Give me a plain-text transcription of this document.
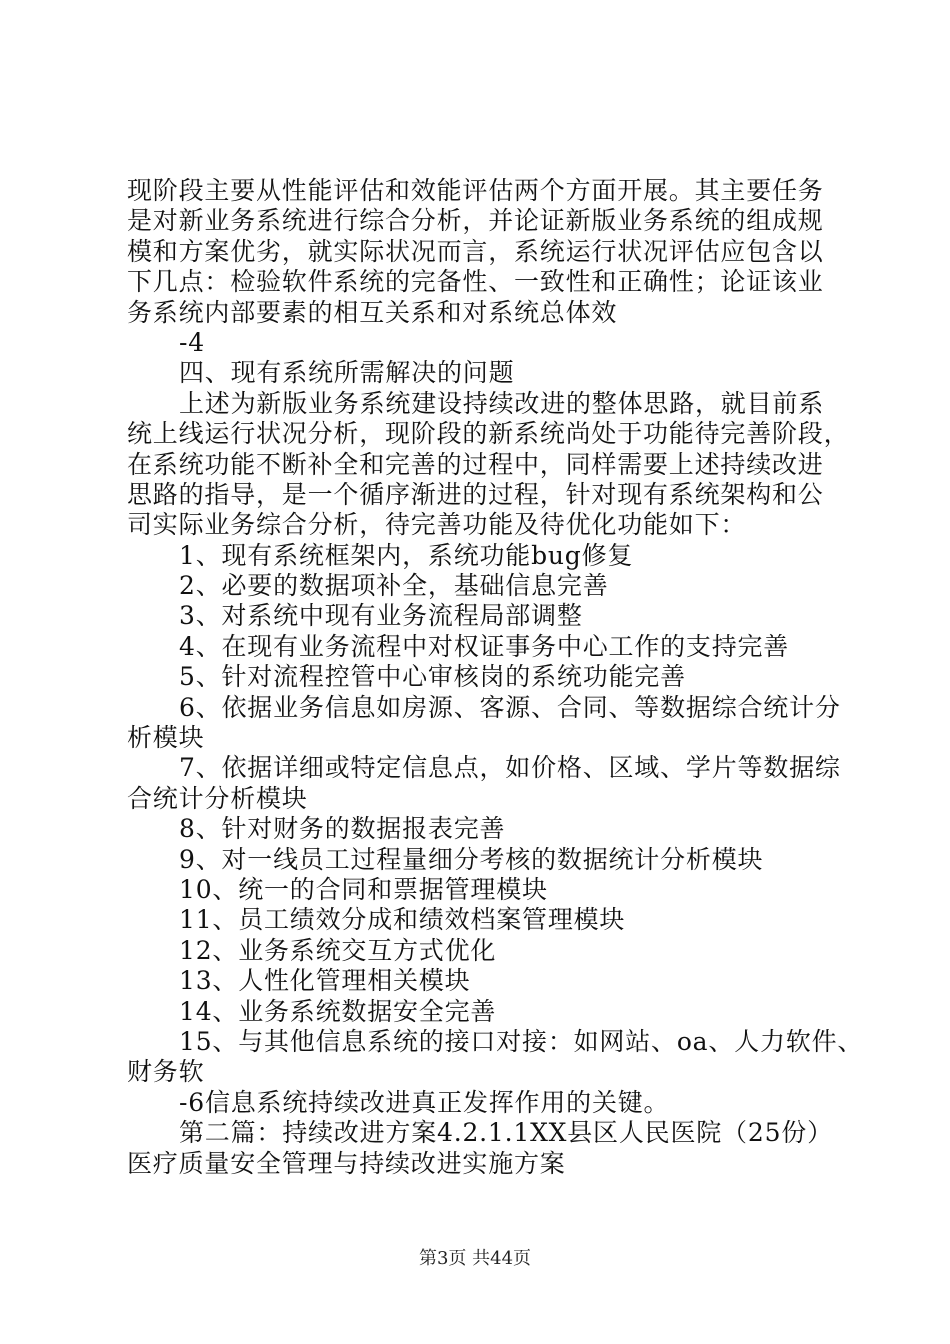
现阶段主要从性能评估和效能评估两个方面开展。其主要任务
是对新业务系统进行综合分析，并论证新版业务系统的组成规
模和方案优劣，就实际状况而言，系统运行状况评估应包含以
下几点：检验软件系统的完备性、一致性和正确性；论证该业
务系统内部要素的相互关系和对系统总体效
-4
四、现有系统所需解决的问题
上述为新版业务系统建设持续改进的整体思路，就目前系
统上线运行状况分析，现阶段的新系统尚处于功能待完善阶段，
在系统功能不断补全和完善的过程中，同样需要上述持续改进
思路的指导，是一个循序渐进的过程，针对现有系统架构和公
司实际业务综合分析，待完善功能及待优化功能如下：
1、现有系统框架内，系统功能bug修复
2、必要的数据项补全，基础信息完善
3、对系统中现有业务流程局部调整
4、在现有业务流程中对权证事务中心工作的支持完善
5、针对流程控管中心审核岗的系统功能完善
6、依据业务信息如房源、客源、合同、等数据综合统计分
析模块
7、依据详细或特定信息点，如价格、区域、学片等数据综
合统计分析模块
8、针对财务的数据报表完善
9、对一线员工过程量细分考核的数据统计分析模块
10、统一的合同和票据管理模块
11、员工绩效分成和绩效档案管理模块
12、业务系统交互方式优化
13、人性化管理相关模块
14、业务系统数据安全完善
15、与其他信息系统的接口对接：如网站、oa、人力软件、
财务软
-6信息系统持续改进真正发挥作用的关键。
第二篇：持续改进方案4.2.1.1XX县区人民医院（25份）
医疗质量安全管理与持续改进实施方案
第3页 共44页
